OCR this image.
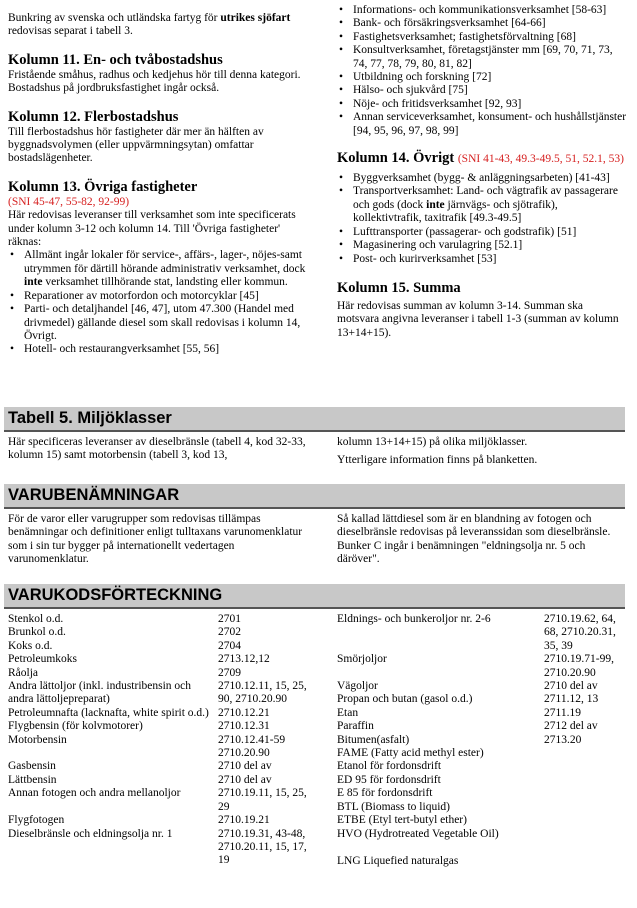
Bunkring av svenska och utländska fartyg för utrikes sjöfart redovisas separat i tabell 3.

Kolumn 11. En- och tvåbostadshus

Fristående småhus, radhus och kedjehus hör till denna kategori. Bostadshus på jordbruksfastighet ingår också.

Kolumn 12. Flerbostadshus

Till flerbostadshus hör fastigheter där mer än hälften av byggnadsvolymen (eller uppvärmningsytan) omfattar bostadslägenheter.

Kolumn 13. Övriga fastigheter

(SNI 45-47, 55-82, 92-99)

Här redovisas leveranser till verksamhet som inte specificerats under kolumn 3-12 och kolumn 14. Till 'Övriga fastigheter' räknas:

• Allmänt ingår lokaler för service-, affärs-, lager-, nöjes-samt utrymmen för därtill hörande administrativ verksamhet, dock inte verksamhet tillhörande stat, landsting eller kommun.
• Reparationer av motorfordon och motorcyklar [45]
• Parti- och detaljhandel [46, 47], utom 47.300 (Handel med drivmedel) gällande diesel som skall redovisas i kolumn 14, Övrigt.
• Hotell- och restaurangverksamhet [55, 56]
• Informations- och kommunikationsverksamhet [58-63]
• Bank- och försäkringsverksamhet [64-66]
• Fastighetsverksamhet; fastighetsförvaltning [68]
• Konsultverksamhet, företagstjänster mm [69, 70, 71, 73, 74, 77, 78, 79, 80, 81, 82]
• Utbildning och forskning [72]
• Hälso- och sjukvård [75]
• Nöje- och fritidsverksamhet [92, 93]
• Annan serviceverksamhet, konsument- och hushållstjänster [94, 95, 96, 97, 98, 99]
Kolumn 14. Övrigt (SNI 41-43, 49.3-49.5, 51, 52.1, 53)
• Byggverksamhet (bygg- & anläggningsarbeten) [41-43]
• Transportverksamhet: Land- och vägtrafik av passagerare och gods (dock inte järnvägs- och sjötrafik), kollektivtrafik, taxitrafik [49.3-49.5]
• Lufttransporter (passagerar- och godstrafik) [51]
• Magasinering och varulagring [52.1]
• Post- och kurirverksamhet [53]
Kolumn 15. Summa

Här redovisas summan av kolumn 3-14. Summan ska motsvara angivna leveranser i tabell 1-3 (summan av kolumn 13+14+15).

Tabell 5. Miljöklasser

Här specificeras leveranser av dieselbränsle (tabell 4, kod 32-33, kolumn 15) samt motorbensin (tabell 3, kod 13,

kolumn 13+14+15) på olika miljöklasser.

Ytterligare information finns på blanketten.

VARUBENÄMNINGAR

För de varor eller varugrupper som redovisas tillämpas benämningar och definitioner enligt tulltaxans varunomenklatur som i sin tur bygger på internationellt vedertagen varunomenklatur.

Så kallad lättdiesel som är en blandning av fotogen och dieselbränsle redovisas på leveranssidan som dieselbränsle. Bunker C ingår i benämningen "eldningsolja nr. 5 och däröver".

VARUKODSFÖRTECKNING
Stenkol o.d.	2701
Brunkol o.d.	2702
Koks o.d.	2704
Petroleumkoks	2713.12,12
Råolja	2709
Andra lättoljor (inkl. industribensin och andra lättoljepreparat)	2710.12.11, 15, 25, 90, 2710.20.90
Petroleumnafta (lacknafta, white spirit o.d.)	2710.12.21
Flygbensin (för kolvmotorer)	2710.12.31
Motorbensin	2710.12.41-59 2710.20.90
Gasbensin	2710 del av
Lättbensin	2710 del av
Annan fotogen och andra mellanoljor	2710.19.11, 15, 25, 29
Flygfotogen	2710.19.21
Dieselbränsle och eldningsolja nr. 1	2710.19.31, 43-48, 2710.20.11, 15, 17, 19
Eldnings- och bunkeroljor nr. 2-6	2710.19.62, 64, 68, 2710.20.31, 35, 39
Smörjoljor	2710.19.71-99, 2710.20.90
Vägoljor	2710 del av
Propan och butan (gasol o.d.)	2711.12, 13
Etan	2711.19
Paraffin	2712 del av
Bitumen(asfalt)	2713.20
FAME (Fatty acid methyl ester)	
Etanol för fordonsdrift	
ED 95 för fordonsdrift	
E 85 för fordonsdrift	
BTL (Biomass to liquid)	
ETBE (Etyl tert-butyl ether)	
HVO (Hydrotreated Vegetable Oil)	

LNG Liquefied naturalgas
